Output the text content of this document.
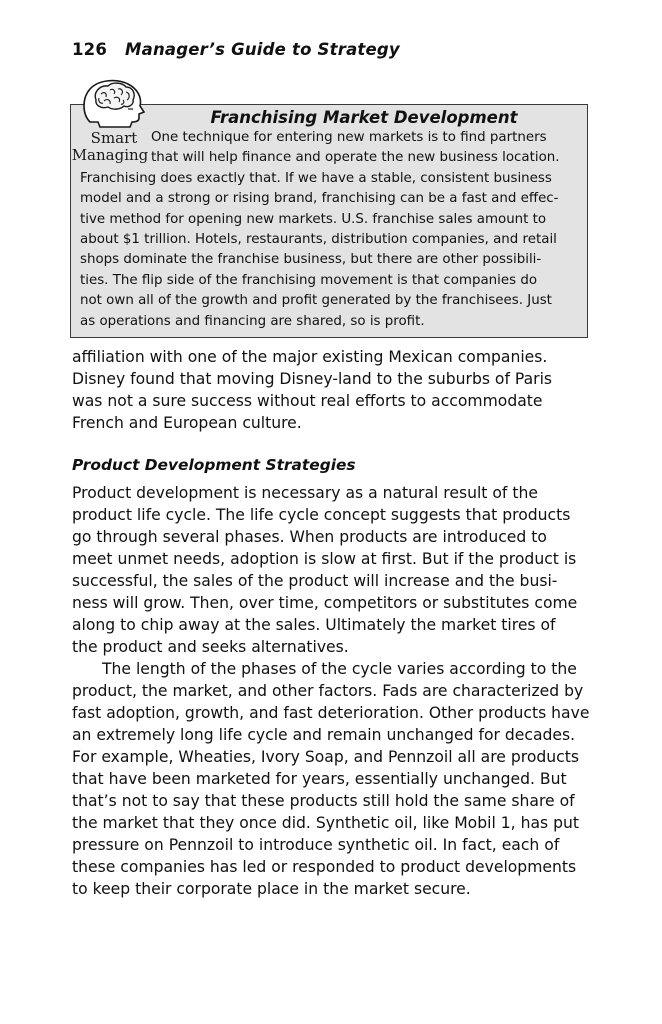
126 Manager’s Guide to Strategy
Smart
Managing
Franchising Market Development
One technique for entering new markets is to find partners
that will help finance and operate the new business location.
Franchising does exactly that. If we have a stable, consistent business
model and a strong or rising brand, franchising can be a fast and effec-
tive method for opening new markets. U.S. franchise sales amount to
about $1 trillion. Hotels, restaurants, distribution companies, and retail
shops dominate the franchise business, but there are other possibili-
ties. The flip side of the franchising movement is that companies do
not own all of the growth and profit generated by the franchisees. Just
as operations and financing are shared, so is profit.
affiliation with one of the major existing Mexican companies.
Disney found that moving Disney-land to the suburbs of Paris
was not a sure success without real efforts to accommodate
French and European culture.
Product Development Strategies
Product development is necessary as a natural result of the
product life cycle. The life cycle concept suggests that products
go through several phases. When products are introduced to
meet unmet needs, adoption is slow at first. But if the product is
successful, the sales of the product will increase and the busi-
ness will grow. Then, over time, competitors or substitutes come
along to chip away at the sales. Ultimately the market tires of
the product and seeks alternatives.
The length of the phases of the cycle varies according to the
product, the market, and other factors. Fads are characterized by
fast adoption, growth, and fast deterioration. Other products have
an extremely long life cycle and remain unchanged for decades.
For example, Wheaties, Ivory Soap, and Pennzoil all are products
that have been marketed for years, essentially unchanged. But
that’s not to say that these products still hold the same share of
the market that they once did. Synthetic oil, like Mobil 1, has put
pressure on Pennzoil to introduce synthetic oil. In fact, each of
these companies has led or responded to product developments
to keep their corporate place in the market secure.
